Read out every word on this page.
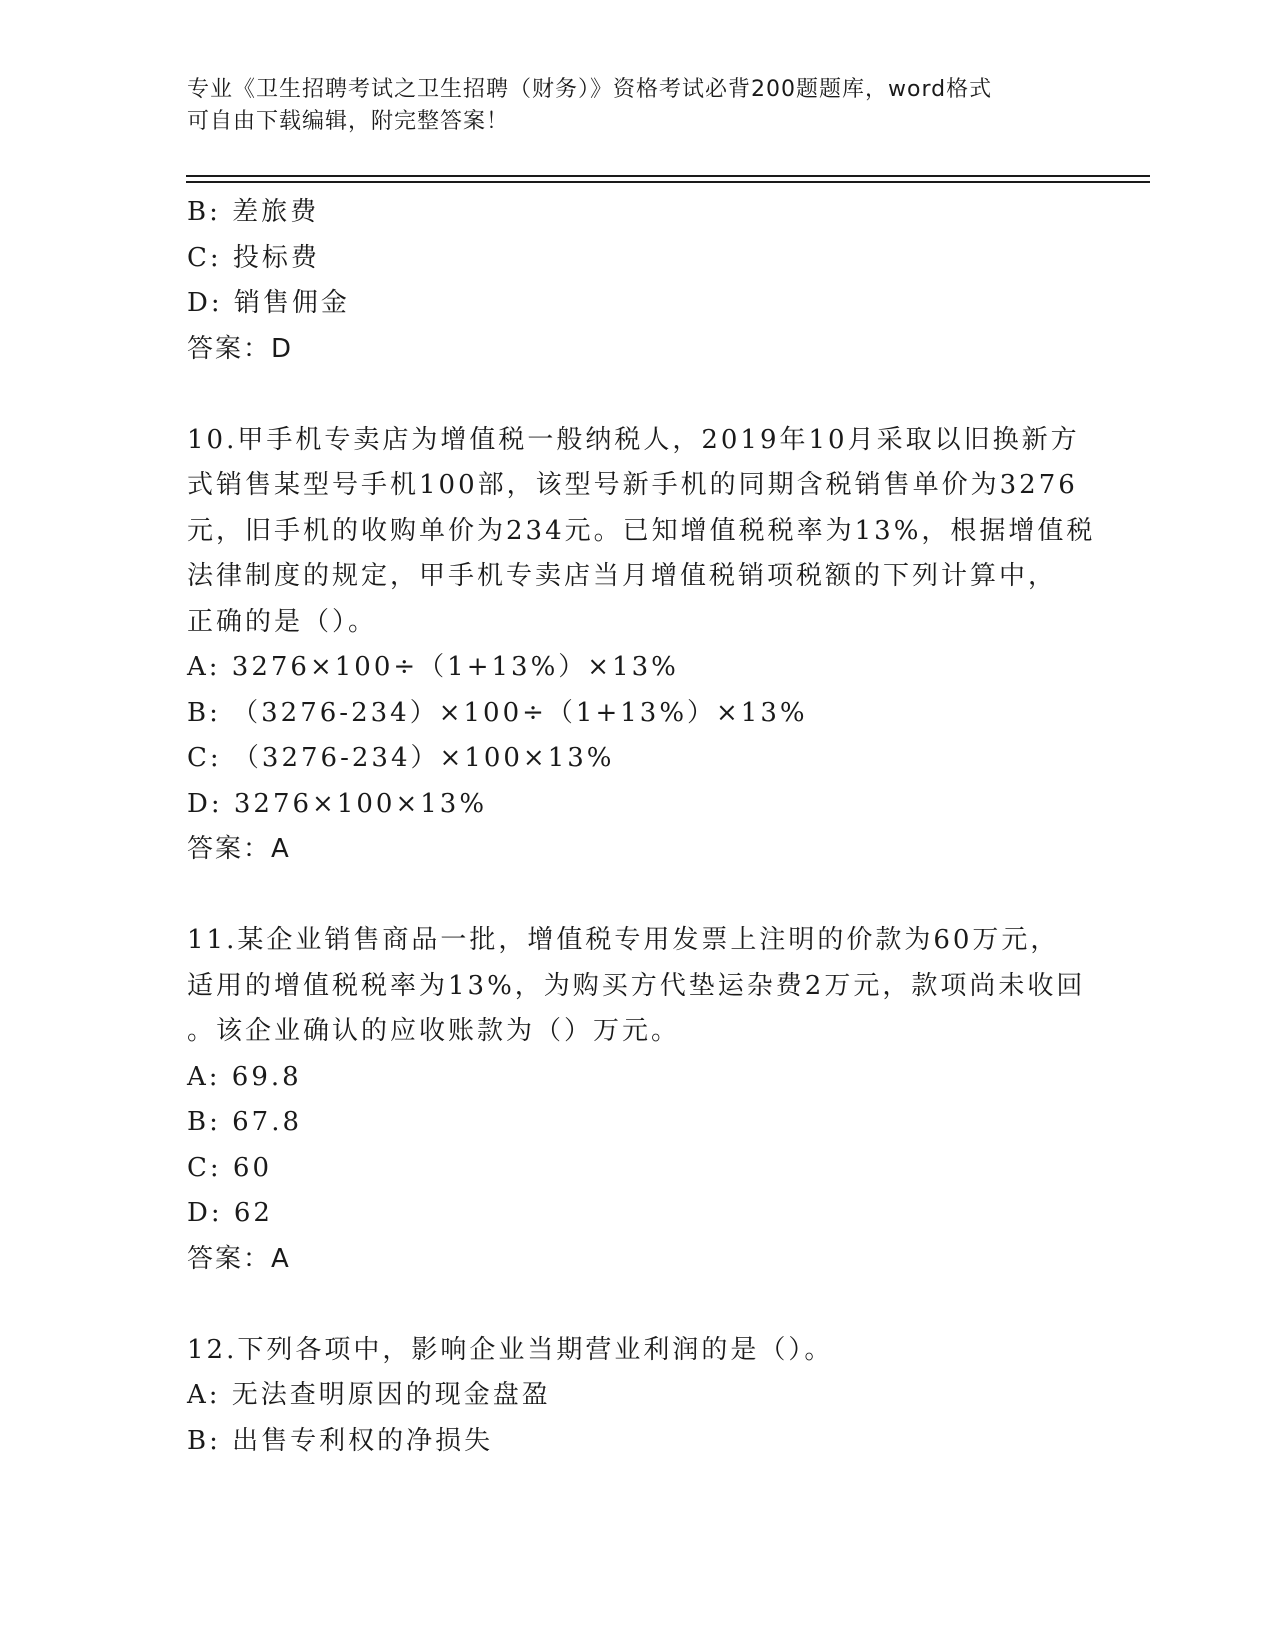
专业《卫生招聘考试之卫生招聘（财务）》资格考试必背200题题库，word格式
可自由下载编辑，附完整答案！
B: 差旅费
C: 投标费
D: 销售佣金
答案：D
10.甲手机专卖店为增值税一般纳税人，2019年10月采取以旧换新方
式销售某型号手机100部，该型号新手机的同期含税销售单价为3276
元，旧手机的收购单价为234元。已知增值税税率为13%，根据增值税
法律制度的规定，甲手机专卖店当月增值税销项税额的下列计算中，
正确的是（）。
A: 3276×100÷（1+13%）×13%
B: （3276-234）×100÷（1+13%）×13%
C: （3276-234）×100×13%
D: 3276×100×13%
答案：A
11.某企业销售商品一批，增值税专用发票上注明的价款为60万元，
适用的增值税税率为13%，为购买方代垫运杂费2万元，款项尚未收回
。该企业确认的应收账款为（）万元。
A: 69.8
B: 67.8
C: 60
D: 62
答案：A
12.下列各项中，影响企业当期营业利润的是（）。
A: 无法查明原因的现金盘盈
B: 出售专利权的净损失
